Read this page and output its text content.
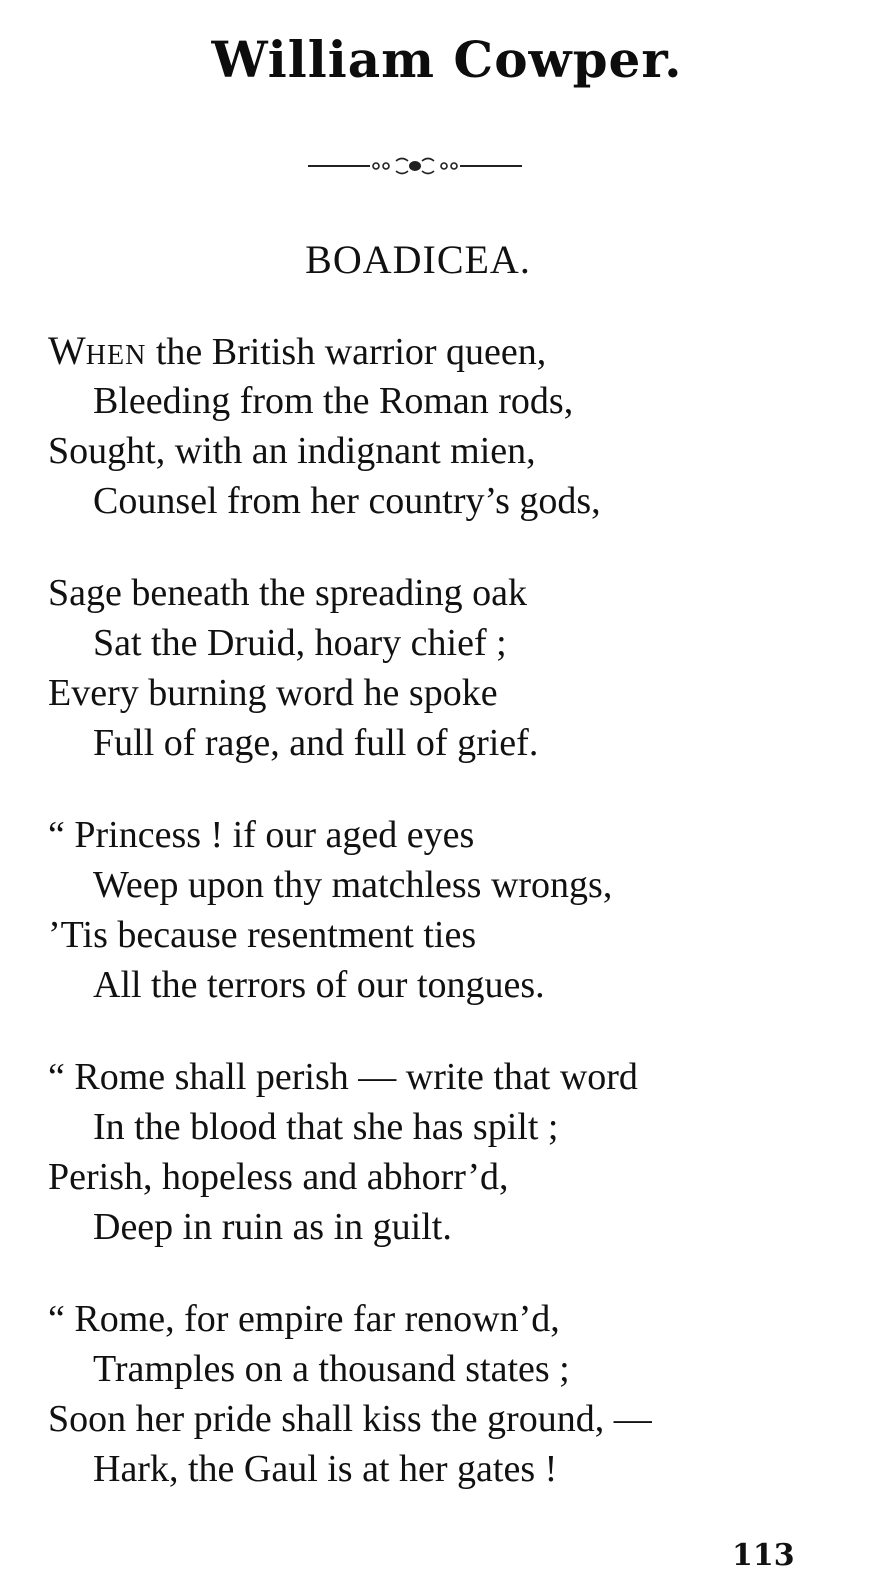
William Cowper.
BOADICEA.
WHEN the British warrior queen,
Bleeding from the Roman rods,
Sought, with an indignant mien,
Counsel from her country’s gods,
Sage beneath the spreading oak
Sat the Druid, hoary chief ;
Every burning word he spoke
Full of rage, and full of grief.
“ Princess ! if our aged eyes
Weep upon thy matchless wrongs,
’Tis because resentment ties
All the terrors of our tongues.
“ Rome shall perish — write that word
In the blood that she has spilt ;
Perish, hopeless and abhorr’d,
Deep in ruin as in guilt.
“ Rome, for empire far renown’d,
Tramples on a thousand states ;
Soon her pride shall kiss the ground, —
Hark, the Gaul is at her gates !
113
